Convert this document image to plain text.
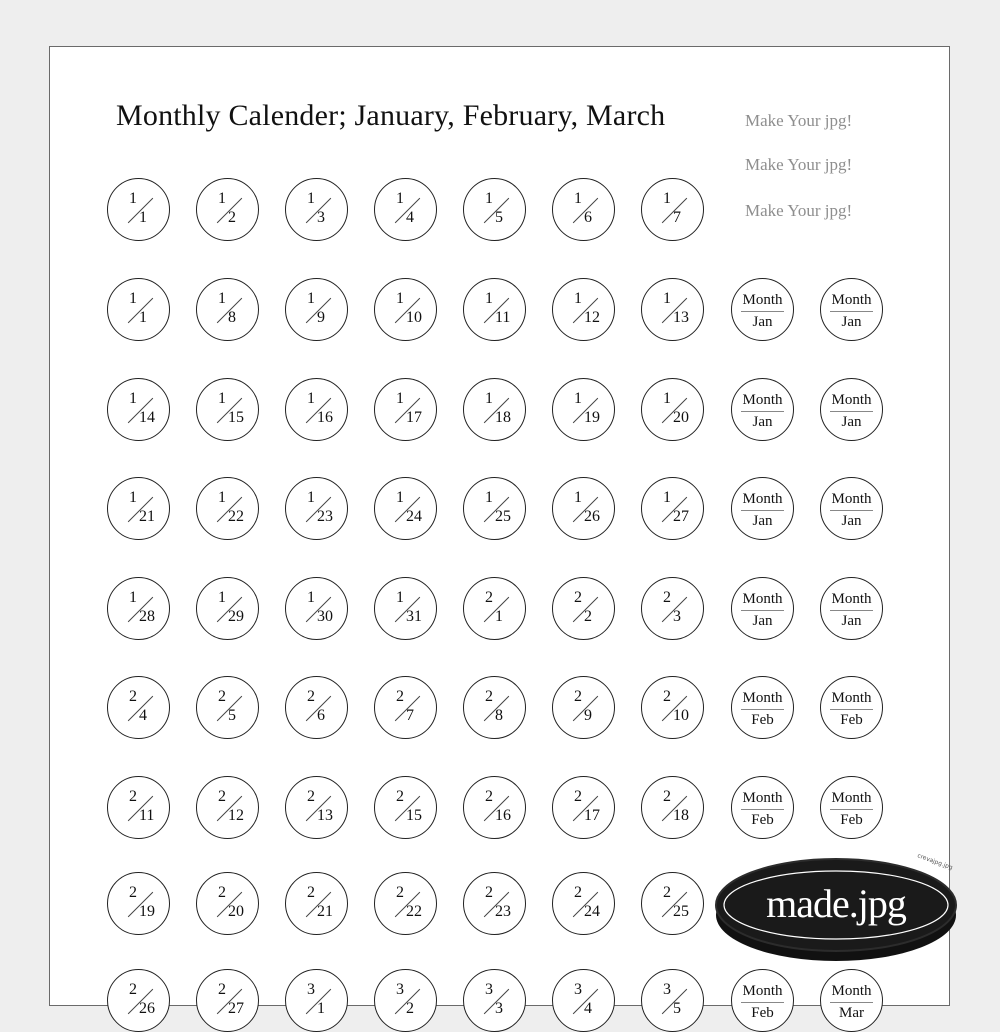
Monthly Calender; January, February, March	Make Your jpg!
Make Your jpg!
Make Your jpg!
1
1
1
2
1
3
1
4
1
5
1
6
1
7
1
1
1
8
1
9
1
10
1
11
1
12
1
13
Month
Jan
Month
Jan
1
14
1
15
1
16
1
17
1
18
1
19
1
20
Month
Jan
Month
Jan
1
21
1
22
1
23
1
24
1
25
1
26
1
27
Month
Jan
Month
Jan
1
28
1
29
1
30
1
31
2
1
2
2
2
3
Month
Jan
Month
Jan
2
4
2
5
2
6
2
7
2
8
2
9
2
10
Month
Feb
Month
Feb
2
11
2
12
2
13
2
15
2
16
2
17
2
18
Month
Feb
Month
Feb
2
19
2
20
2
21
2
22
2
23
2
24
2
25
2
26
2
27
3
1
3
2
3
3
3
4
3
5
Month
Feb
Month
Mar
made.jpg
crevajpg.jpg
